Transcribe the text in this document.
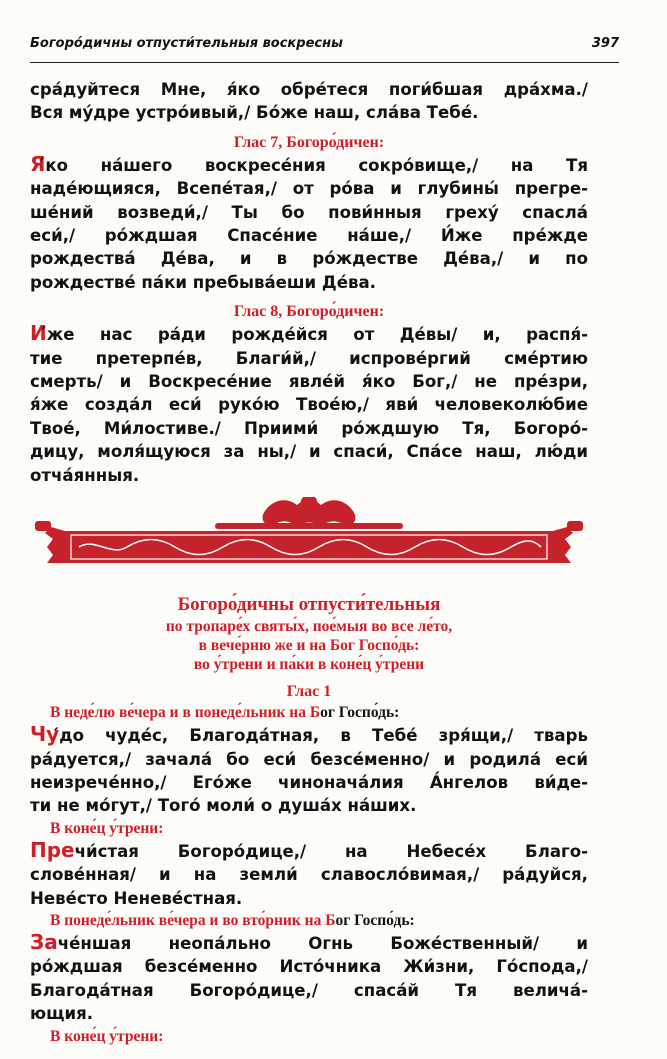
Богоро́дичны отпусти́тельныя воскресны	397
сра́дуйтеся Мне, я́ко обре́теся поги́бшая дра́хма./
Вся му́дре устро́ивый,/ Бо́же наш, сла́ва Тебе́.
Глас 7, Богоро́дичен:
Я́ко на́шего воскресе́ния сокро́вище,/ на Тя
наде́ющияся, Всепе́тая,/ от ро́ва и глубины́ прегре-
ше́ний возведи́,/ Ты бо пови́нныя греху́ спасла́
еси́,/ ро́ждшая Спасе́ние на́ше,/ И́же пре́жде
рождества́ Де́ва, и в ро́ждестве Де́ва,/ и по
рождестве́ па́ки пребыва́еши Де́ва.
Глас 8, Богоро́дичен:
И́же нас ра́ди рожде́йся от Де́вы/ и, распя́-
тие претерпе́в, Благи́й,/ испрове́ргий сме́ртию
смерть/ и Воскресе́ние явле́й я́ко Бог,/ не пре́зри,
я́же созда́л еси́ руко́ю Твое́ю,/ яви́ человеколю́бие
Твое́, Ми́лостиве./ Приими́ ро́ждшую Тя, Богоро́-
дицу, моля́щуюся за ны,/ и спаси́, Спа́се наш, лю́ди
отча́янныя.
Богоро́дичны отпусти́тельныя
по тропаре́х святы́х, пое́мыя во все ле́то,
в вече́рню же и на Бог Госпо́дь:
во у́трени и па́ки в коне́ц у́трени
Глас 1
В неде́лю ве́чера и в понеде́льник на Бог Госпо́дь:
Чу́до чуде́с, Благода́тная, в Тебе́ зря́щи,/ тварь
ра́дуется,/ зачала́ бо еси́ безсе́менно/ и родила́ еси́
неизрече́нно,/ Его́же чинонача́лия А́нгелов ви́де-
ти не мо́гут,/ Того́ моли́ о душа́х на́ших.
В коне́ц у́трени:
Пречи́стая Богоро́дице,/ на Небесе́х Благо-
слове́нная/ и на земли́ славосло́вимая,/ ра́дуйся,
Неве́сто Неневе́стная.
В понеде́льник ве́чера и во вто́рник на Бог Госпо́дь:
Заче́ншая неопа́льно Огнь Боже́ственный/ и
ро́ждшая безсе́менно Исто́чника Жи́зни, Го́спода,/
Благода́тная Богоро́дице,/ спаса́й Тя велича́-
ющия.
В коне́ц у́трени:
